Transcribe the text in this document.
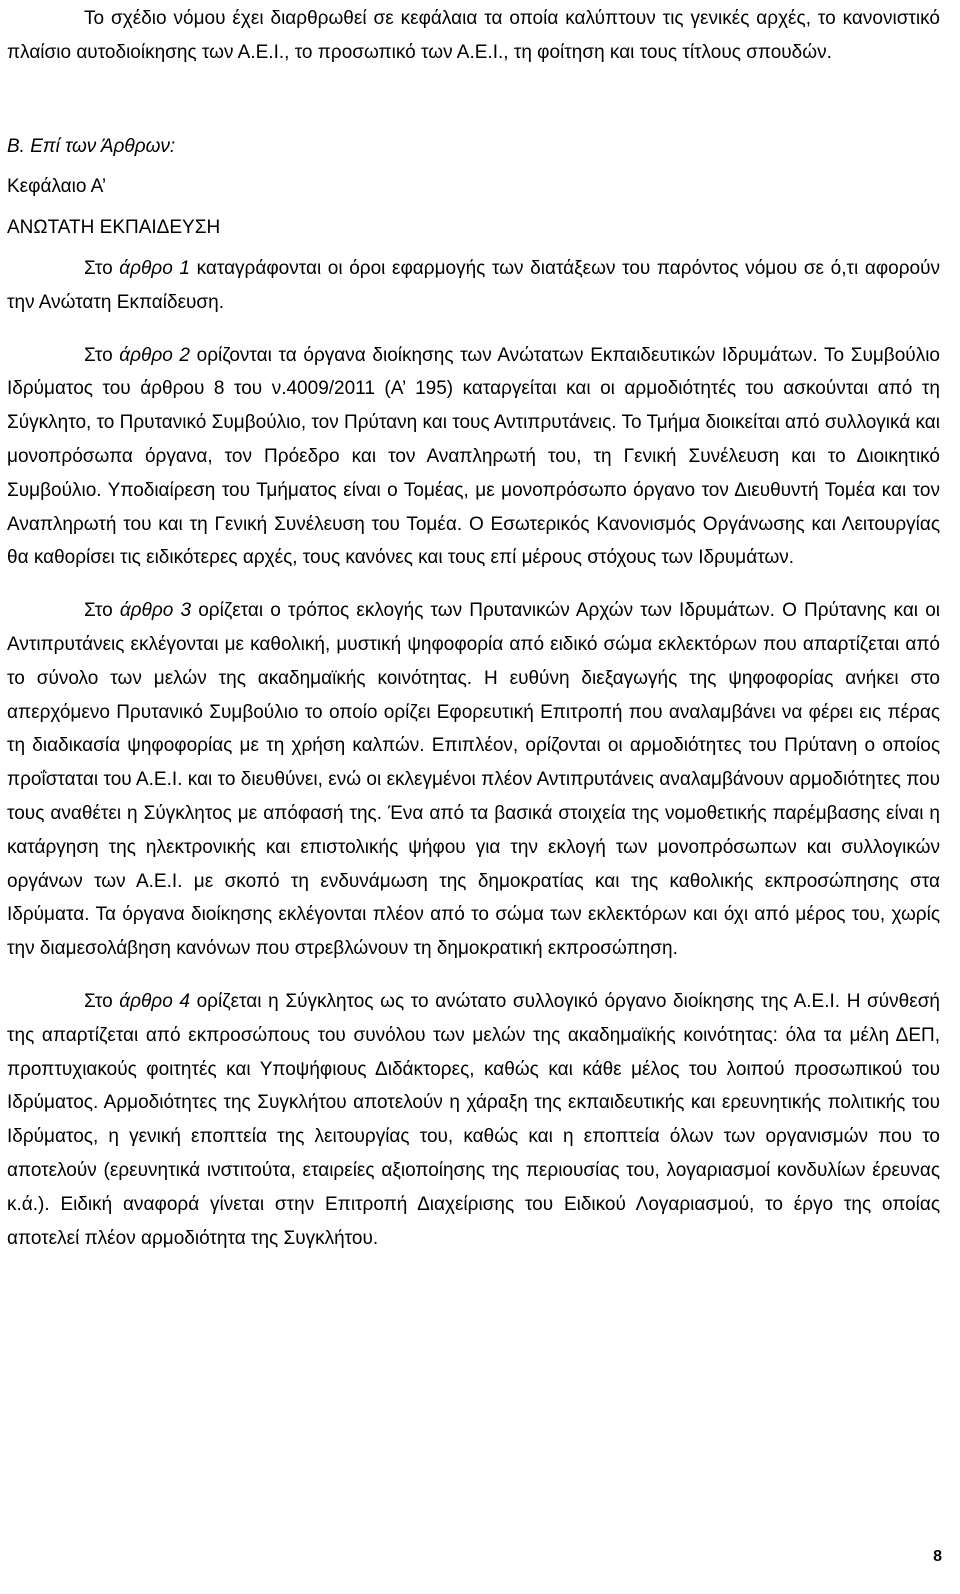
Το σχέδιο νόμου έχει διαρθρωθεί σε κεφάλαια τα οποία καλύπτουν τις γενικές αρχές, το κανονιστικό πλαίσιο αυτοδιοίκησης των Α.Ε.Ι., το προσωπικό των Α.Ε.Ι., τη φοίτηση και τους τίτλους σπουδών.

Β. Επί των Άρθρων:

Κεφάλαιο Α’

ΑΝΩΤΑΤΗ ΕΚΠΑΙΔΕΥΣΗ

Στο άρθρο 1 καταγράφονται οι όροι εφαρμογής των διατάξεων του παρόντος νόμου σε ό,τι αφορούν την Ανώτατη Εκπαίδευση.

Στο άρθρο 2 ορίζονται τα όργανα διοίκησης των Ανώτατων Εκπαιδευτικών Ιδρυμάτων. Το Συμβούλιο Ιδρύματος του άρθρου 8 του ν.4009/2011 (Α’ 195) καταργείται και οι αρμοδιότητές του ασκούνται από τη Σύγκλητο, το Πρυτανικό Συμβούλιο, τον Πρύτανη και τους Αντιπρυτάνεις. Το Τμήμα διοικείται από συλλογικά και μονοπρόσωπα όργανα, τον Πρόεδρο και τον Αναπληρωτή του, τη Γενική Συνέλευση και το Διοικητικό Συμβούλιο. Υποδιαίρεση του Τμήματος είναι ο Τομέας, με μονοπρόσωπο όργανο τον Διευθυντή Τομέα και τον Αναπληρωτή του και τη Γενική Συνέλευση του Τομέα. Ο Εσωτερικός Κανονισμός Οργάνωσης και Λειτουργίας θα καθορίσει τις ειδικότερες αρχές, τους κανόνες και τους επί μέρους στόχους των Ιδρυμάτων.

Στο άρθρο 3 ορίζεται ο τρόπος εκλογής των Πρυτανικών Αρχών των Ιδρυμάτων. Ο Πρύτανης και οι Αντιπρυτάνεις εκλέγονται με καθολική, μυστική ψηφοφορία από ειδικό σώμα εκλεκτόρων που απαρτίζεται από το σύνολο των μελών της ακαδημαϊκής κοινότητας. Η ευθύνη διεξαγωγής της ψηφοφορίας ανήκει στο απερχόμενο Πρυτανικό Συμβούλιο το οποίο ορίζει Εφορευτική Επιτροπή που αναλαμβάνει να φέρει εις πέρας τη διαδικασία ψηφοφορίας με τη χρήση καλπών. Επιπλέον, ορίζονται οι αρμοδιότητες του Πρύτανη ο οποίος προΐσταται του Α.Ε.Ι. και το διευθύνει, ενώ οι εκλεγμένοι πλέον Αντιπρυτάνεις αναλαμβάνουν αρμοδιότητες που τους αναθέτει η Σύγκλητος με απόφασή της. Ένα από τα βασικά στοιχεία της νομοθετικής παρέμβασης είναι η κατάργηση της ηλεκτρονικής και επιστολικής ψήφου για την εκλογή των μονοπρόσωπων και συλλογικών οργάνων των Α.Ε.Ι. με σκοπό τη ενδυνάμωση της δημοκρατίας και της καθολικής εκπροσώπησης στα Ιδρύματα. Τα όργανα διοίκησης εκλέγονται πλέον από το σώμα των εκλεκτόρων και όχι από μέρος του, χωρίς την διαμεσολάβηση κανόνων που στρεβλώνουν τη δημοκρατική εκπροσώπηση.

Στο άρθρο 4 ορίζεται η Σύγκλητος ως το ανώτατο συλλογικό όργανο διοίκησης της Α.Ε.Ι. Η σύνθεσή της απαρτίζεται από εκπροσώπους του συνόλου των μελών της ακαδημαϊκής κοινότητας: όλα τα μέλη ΔΕΠ, προπτυχιακούς φοιτητές και Υποψήφιους Διδάκτορες, καθώς και κάθε μέλος του λοιπού προσωπικού του Ιδρύματος. Αρμοδιότητες της Συγκλήτου αποτελούν η χάραξη της εκπαιδευτικής και ερευνητικής πολιτικής του Ιδρύματος, η γενική εποπτεία της λειτουργίας του, καθώς και η εποπτεία όλων των οργανισμών που το αποτελούν (ερευνητικά ινστιτούτα, εταιρείες αξιοποίησης της περιουσίας του, λογαριασμοί κονδυλίων έρευνας κ.ά.). Ειδική αναφορά γίνεται στην Επιτροπή Διαχείρισης του Ειδικού Λογαριασμού, το έργο της οποίας αποτελεί πλέον αρμοδιότητα της Συγκλήτου.

8
